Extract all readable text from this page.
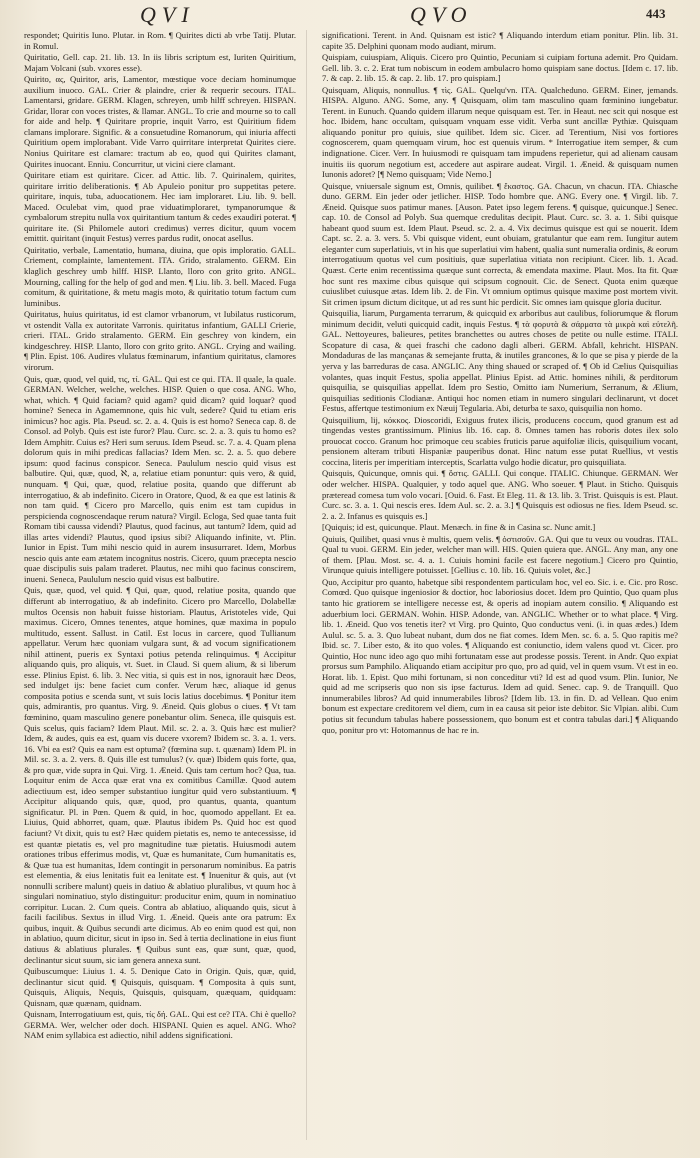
QVI	QVO	443

respondet; Quiritis Iuno. Plutar. in Rom. ¶ Quirites dicti ab vrbe Tatij. Plutar. in Romul.

Quiritatio, Gell. cap. 21. lib. 13. In iis libris scriptum est, Iuriten Quiritium, Majam Volcani (sub. vxores esse).

Quirito, ας, Quiritor, aris, Lamentor, mœstique voce deciam hominumque auxilium inuoco. GAL. Crier & plaindre, crier & requerir secours. ITAL. Lamentarsi, gridare. GERM. Klagen, schreyen, umb hilff schreyen. HISPAN. Gridar, llorar con voces tristes, & llamar. ANGL. To crie and mourne so to call for aide and help. ¶ Quiritare proprie, inquit Varro, est Quiritium fidem clamans implorare. Signific. & a consuetudine Romanorum, qui iniuria affecti Quiritium opem implorabant. Vide Varro quirritare interpretat Quirites ciere. Nonius Quiritare est clamare: tractum ab eo, quod qui Quirites clamant, Quirites inuocant. Enniu. Concurritur, ut vicini ciere clamant.

Quiritare etiam est quiritare. Cicer. ad Attic. lib. 7. Quirinalem, quirites, quiritare irritio deliberationis. ¶ Ab Apuleio ponitur pro suppetitas petere. quiritare, inquis, tuba, aduocationem. Hec iam imploraret. Liu. lib. 9. bell. Maced. Oculebat vim, quod prae viduatimploraret, tympanorumque & cymbalorum strepitu nulla vox quiritantium tantum & cedes exaudiri poterat. ¶ quiritare ite. (Si Philomele autori credimus) verres dicitur, quum vocem emittit. quiritant (inquit Festus) verres pardus rudit, onocat asellus.

Quiritatio, verbale, Lamentatio, humana, diuina, que opis imploratio. GALL. Criement, complainte, lamentement. ITA. Grido, stralamento. GERM. Ein klaglich geschrey umb hilff. HISP. Llanto, lloro con grito grito. ANGL. Mourning, calling for the help of god and men. ¶ Liu. lib. 3. bell. Maced. Fuga comitum, & quiritatione, & metu magis moto, & quiritatio totum factum cum luminibus.

Quiritatus, huius quiritatus, id est clamor vrbanorum, vt Iubilatus rusticorum, vt ostendit Valla ex autoritate Varronis. quiritatus infantium, GALLI Crierie, crieri. ITAL. Grido stralamento. GERM. Ein geschrey von kindern, ein kindgeschrey. HISP. Llanto, lloro con grito grito. ANGL. Crying and wailing. ¶ Plin. Epist. 106. Audires vlulatus fœminarum, infantium quiritatus, clamores virorum.

Quis, quæ, quod, vel quid, τις, τί. GAL. Qui est ce qui. ITA. Il quale, la quale. GERMAN. Welcher, welche, welches. HISP. Quien o que cosa. ANG. Who, what, which. ¶ Quid faciam? quid agam? quid dicam? quid loquar? quod homine? Seneca in Agamemnone, quis hic vult, sedere? Quid tu etiam eris inimicus? hoc agis. Pla. Pseud. sc. 2. a. 4. Quis is est homo? Seneca cap. 8. de Consol. ad Polyb. Quis est iste furor? Plau. Curc. sc. 2. a. 3. quis tu homo es? Idem Amphitr. Cuius es? Heri sum seruus. Idem Pseud. sc. 7. a. 4. Quam plena dolorum quis in mihi predicas fallacias? Idem Men. sc. 2. a. 5. quo debere ipsum: quod facinus conspicor. Seneca. Paululum nescio quid visus est balbutire. Qui, quæ, quod, ℵ, a, relatiue etiam ponuntur: quis vero, & quid, nunquam. ¶ Qui, quæ, quod, relatiue posita, quando que differunt ab interrogatiuo, & ab indefinito. Cicero in Oratore, Quod, & ea que est latinis & non tam quid. ¶ Cicero pro Marcello, quis enim est tam cupidus in perspicienda cognoscendaque rerum natura? Virgil. Ecloga, Sed quae tanta fuit Romam tibi caussa videndi? Plautus, quod facinus, aut tantum? Idem, quid ad illas artes videndi? Plautus, quod ipsius sibi? Aliquando infinite, vt. Plin. Iunior in Epist. Tum mihi nescio quid in aurem insusurraret. Idem, Morbus nescio quis ante eam ætatem incognitus nostris. Cicero, quum præcepta nescio quae discipulis suis palam traderet. Plautus, nec mihi quo facinus conscirem, inueni. Seneca, Paululum nescio quid visus est balbutire.

Quis, quæ, quod, vel quid. ¶ Qui, quæ, quod, relatiue posita, quando que differunt ab interrogatiuo, & ab indefinito. Cicero pro Marcello, Dolabellæ multos Ocensis non habuit fuisse historiam. Plautus, Aristoteles vide, Qui maximus. Cicero, Omnes tenentes, atque homines, quæ maxima in populo multitudo, essent. Sallust. in Catil. Est locus in carcere, quod Tullianum appellatur. Verum hæc quoniam vulgara sunt, & ad vocum significationem nihil attinent, pueris ex Syntaxi potius petenda relinquimus. ¶ Accipitur aliquando quis, pro aliquis, vt. Suet. in Claud. Si quem alium, & si liberum esse. Plinius Epist. 6. lib. 3. Nec vitia, si quis est in nos, ignorauit hæc Deos, sed indulget ijs: bene faciet cum confer. Verum hæc, aliaque id genus composita potius e scenda sunt, vt suis locis latius docebimus. ¶ Ponitur item quis, admirantis, pro quantus. Virg. 9. Æneid. Quis globus o ciues. ¶ Vt tam fœminino, quam masculino genere ponebantur olim. Seneca, ille quisquis est. Quis scelus, quis faciam? Idem Plaut. Mil. sc. 2. a. 3. Quis hæc est mulier? Idem, & audes, quis ea est, quam vis ducere vxorem? Ibidem sc. 3. a. 1. vers. 16. Vbi ea est? Quis ea nam est optuma? (fœmina sup. t. quænam) Idem Pl. in Mil. sc. 3. a. 2. vers. 8. Quis ille est tumulus? (v. quæ) Ibidem quis forte, qua, & pro quæ, vide supra in Qui. Virg. 1. Æneid. Quis tam certum hoc? Qua, tua. Loquitur enim de Acca quæ erat vna ex comitibus Camillæ. Quod autem adiectiuum est, ideo semper substantiuo iungitur quid vero substantiuum. ¶ Accipitur aliquando quis, quæ, quod, pro quantus, quanta, quantum significatur. Pl. in Pœn. Quem & quid, in hoc, quomodo appellant. Et ea. Liuius, Quid abhorret, quam, quæ. Plautus ibidem Ps. Quid hoc est quod faciunt? Vt dixit, quis tu est? Hæc quidem pietatis es, nemo te antecessisse, id est quantæ pietatis es, vel pro magnitudine tuæ pietatis. Huiusmodi autem orationes tribus efferimus modis, vt, Quæ es humanitate, Cum humanitatis es, & Quæ tua est humanitas, Idem contingit in personarum nominibus. Ea patris est elementia, & eius lenitatis fuit ea lenitate est. ¶ Inuenitur & quis, aut (vt nonnulli scribere malunt) queis in datiuo & ablatiuo pluralibus, vt quum hoc à singulari nominatiuo, stylo distinguitur: producitur enim, quum in nominatiuo corripitur. Lucan. 2. Cum queis. Contra ab ablatiuo, aliquando quis, sicut à facili facilibus. Sextus in illud Virg. 1. Æneid. Queis ante ora patrum: Ex quibus, inquit. & Quibus secundi arte dicimus. Ab eo enim quod est qui, non in ablatiuo, quum dicitur, sicut in ipso in. Sed à tertia declinatione in eius fiunt datiuus & ablatiuus plurales. ¶ Quibus sunt eas, quæ sunt, quæ, quod, declinantur sicut suum, sic iam genera annexa sunt.

Quibuscumque: Liuius 1. 4. 5. Denique Cato in Origin. Quis, quæ, quid, declinantur sicut quid. ¶ Quisquis, quisquam. ¶ Composita à quis sunt, Quisquis, Aliquis, Nequis, Quisquis, quisquam, quæquam, quidquam: Quisnam, quæ quænam, quidnam.

Quisnam, Interrogatiuum est, quis, τίς δή. GAL. Qui est ce? ITA. Chi è quello? GERMA. Wer, welcher oder doch. HISPANI. Quien es aquel. ANG. Who? NAM enim syllabica est adiectio, nihil addens significationi.

significationi. Terent. in And. Quisnam est istic? ¶ Aliquando interdum etiam ponitur. Plin. lib. 31. capite 35. Delphini quonam modo audiant, mirum.

Quispiam, cuiuspiam, Aliquis. Cicero pro Quintio, Pecuniam si cuipiam fortuna ademit. Pro Quidam. Gell. lib. 3. c. 2. Erat tum nobiscum in eodem ambulacro homo quispiam sane doctus. [Idem c. 17. lib. 7. & cap. 2. lib. 15. & cap. 2. lib. 17. pro quispiam.]

Quisquam, Aliquis, nonnullus. ¶ τὶς. GAL. Quelqu'vn. ITA. Qualcheduno. GERM. Einer, jemands. HISPA. Alguno. ANG. Some, any. ¶ Quisquam, olim tam masculino quam fœminino iungebatur. Terent. in Eunuch. Quando quidem illarum neque quisquam est. Ter. in Heaut. nec scit qui nosque est hoc. Ibidem, hanc occultam, quisquam vnquam esse vidit. Verba sunt ancillæ Pythiæ. Quisquam aliquando ponitur pro quiuis, siue quilibet. Idem sic. Cicer. ad Terentium, Nisi vos fortiores cognoscerem, quam quemquam virum, hoc est quenuis virum. * Interrogatiue item semper, & cum indignatione. Cicer. Verr. In huiusmodi re quisquam tam impudens reperietur, qui ad alienam causam inuitis iis quorum negotium est, accedere aut aspirare audeat. Virgil. 1. Æneid. & quisquam numen Iunonis adoret? [¶ Nemo quisquam; Vide Nemo.]

Quisque, vniuersale signum est, Omnis, quilibet. ¶ ἕκαστος. GA. Chacun, vn chacun. ITA. Chiasche duno. GERM. Ein jeder oder jetlicher. HISP. Todo hombre que. ANG. Every one. ¶ Virgil. lib. 7. Æneid. Quisque suos patimur manes. [Auson. Patet ipso legem ferens. ¶ quisque, quicunque.] Senec. cap. 10. de Consol ad Polyb. Sua quemque credulitas decipit. Plaut. Curc. sc. 3. a. 1. Sibi quisque habeant quod suum est. Idem Plaut. Pseud. sc. 2. a. 4. Vix decimus quisque est qui se nouerit. Idem Capt. sc. 2. a. 3. vers. 5. Vbi quisque vident, eunt obuiam, gratulantur que eam rem. Iungitur autem eleganter cum superlatiuis, vt in his que superlatiui vim habent, qualia sunt numeralia ordinis, & eorum interrogatiuum quotus vel cum positiuis, quæ superlatiua vitiata non recipiunt. Cicer. lib. 1. Acad. Quæst. Certe enim recentissima quæque sunt correcta, & emendata maxime. Plaut. Mos. Ita fit. Quæ hoc sunt res maxime cibus quisque qui scipsum cognouit. Cic. de Senect. Quota enim quæque cuiuslibet cuiusque ætas. Idem lib. 2. de Fin. Vt omnium optimus quisque maxime post mortem vivit. Sit crimen ipsum dictum dicitque, ut ad res sunt hic perdicit. Sic omnes iam quisque gloria ducitur.

Quisquilia, liarum, Purgamenta terrarum, & quicquid ex arboribus aut caulibus, foliorumque & florum minimum decidit, veluti quicquid cadit, inquis Festus. ¶ τὰ φορυτὰ & σάρματα τὰ μικρὰ καὶ εὐτελῆ. GAL. Nettoyeures, balieures, petites branchettes ou autres choses de petite ou nulle estime. ITALI. Scopature di casa, & quei fraschi che cadono dagli alberi. GERM. Abfall, kehricht. HISPAN. Mondaduras de las mançanas & semejante frutta, & inutiles grancones, & lo que se pisa y pierde de la yerva y las barreduras de casa. ANGLIC. Any thing shaued or scraped of. ¶ Ob id Cælius Quisquilias volantes, quas inquit Festus, spolia appellat. Plinius Epist. ad Attic. homines nihili, & perditorum quisquilia, se quisquilias appellat. Idem pro Sestio, Omitto iam Numerium, Serranum, & Ælium, quisquilias seditionis Clodianæ. Antiqui hoc nomen etiam in numero singulari declinarunt, vt docet Festus, affertque testimonium ex Næuij Tegularia. Abi, deturba te saxo, quisquilia non homo.

Quisquilium, lij, κόκκος. Dioscoridi, Exiguus frutex ilicis, producens coccum, quod granum est ad tingendas vestes grantissimum. Plinius lib. 16. cap. 8. Omnes tamen has roboris dotes ilex solo prouocat cocco. Granum hoc primoque ceu scabies fruticis parue aquifoliæ ilicis, quisquilium vocant, pensionem alteram tributi Hispaniæ pauperibus donat. Hinc natum esse putat Ruellius, vt vestis coccina, literis per imperitiam interceptis, Scarlatta vulgo hodie dicatur, pro quisquiliata.

Quisquis, Quicunque, omnis qui. ¶ ὅστις. GALLI. Qui conque. ITALIC. Chiunque. GERMAN. Wer oder welcher. HISPA. Qualquier, y todo aquel que. ANG. Who soeuer. ¶ Plaut. in Sticho. Quisquis præteread comesa tum volo vocari. [Ouid. 6. Fast. Et Eleg. 11. & 13. lib. 3. Trist. Quisquis is est. Plaut. Curc. sc. 3. a. 1. Qui nescis eres. Idem Aul. sc. 2. a. 3.] ¶ Quisquis est odiosus ne fies. Idem Pseud. sc. 2. a. 2. Infanus es quisquis es.]

[Quiquis; id est, quicunque. Plaut. Menæch. in fine & in Casina sc. Nunc amit.]

Quiuis, Quilibet, quasi vnus è multis, quem velis. ¶ ὁστισοῦν. GA. Qui que tu veux ou voudras. ITAL. Qual tu vuoi. GERM. Ein jeder, welcher man will. HIS. Quien quiera que. ANGL. Any man, any one of them. [Plau. Most. sc. 4. a. 1. Cuiuis homini facile est facere negotium.] Cicero pro Quintio, Virunque quiuis intelligere potuisset. [Gellius c. 10. lib. 16. Quiuis volet, &c.]

Quo, Accipitur pro quanto, habetque sibi respondentem particulam hoc, vel eo. Sic. i. e. Cic. pro Rosc. Comœd. Quo quisque ingeniosior & doctior, hoc laboriosius docet. Idem pro Quintio, Quo quam plus tanto hic gratiorem se intelligere necesse est, & operis ad inopiam autem consilio. ¶ Aliquando est aduerbium loci. GERMAN. Wohin. HISP. Adonde, van. ANGLIC. Whether or to what place. ¶ Virg. lib. 1. Æneid. Quo vos tenetis iter? vt Virg. pro Quinto, Quo conductus veni. (i. in quas ædes.) Idem Aulul. sc. 5. a. 3. Quo lubeat nubant, dum dos ne fiat comes. Idem Men. sc. 6. a. 5. Quo rapitis me? Ibid. sc. 7. Liber esto, & ito quo voles. ¶ Aliquando est coniunctio, idem valens quod vt. Cicer. pro Quintio, Hoc nunc ideo ago quo mihi fortunatam esse aut prodesse possis. Terent. in Andr. Quo expiat prorsus sum Pamphilo. Aliquando etiam accipitur pro quo, pro ad quid, vel in quem vsum. Vt est in eo. Horat. lib. 1. Epist. Quo mihi fortunam, si non conceditur vti? Id est ad quod vsum. Plin. Iunior, Ne quid ad me scripseris quo non sis ipse facturus. Idem ad quid. Senec. cap. 9. de Tranquill. Quo innumerabiles libros? Ad quid innumerabiles libros? [Idem lib. 13. in fin. D. ad Vellean. Quo enim bonum est expectare creditorem vel diem, cum in ea causa sit peior iste debitor. Sic Vlpian. alibi. Cum potius sit fecundum tabulas habere possessionem, quo bonum est et contra tabulas dari.] ¶ Aliquando quo, ponitur pro vt: Hotomannus de hac re in.
